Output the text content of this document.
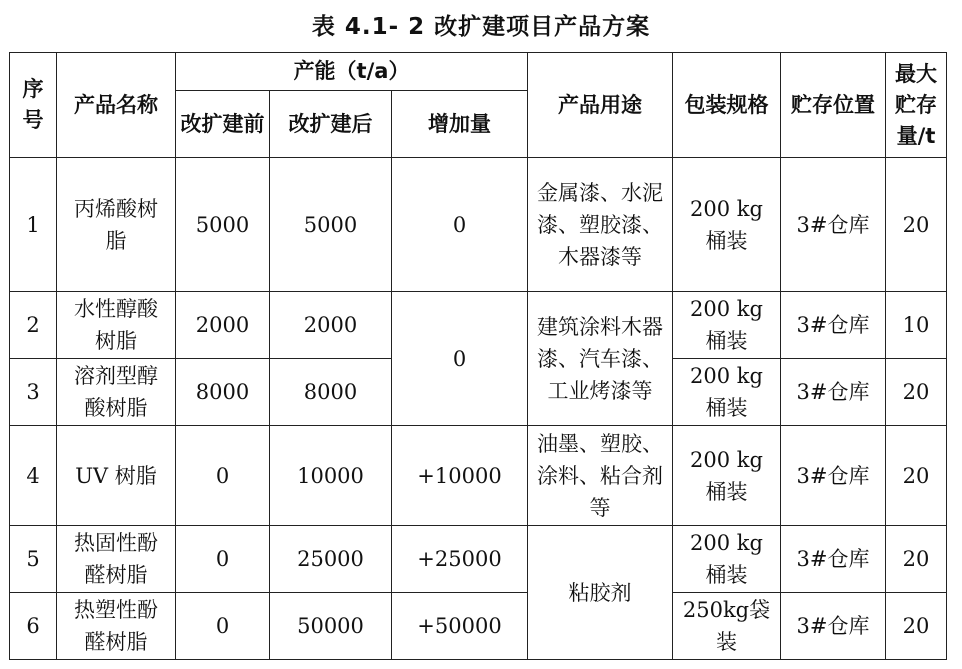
表 4.1- 2 改扩建项目产品方案
序号	产品名称	产能（t/a）			产品用途	包装规格	贮存位置	最大贮存量/t
		改扩建前	改扩建后	增加量				
1	丙烯酸树脂	5000	5000	0	金属漆、水泥漆、塑胶漆、木器漆等	200 kg桶装	3#仓库	20
2	水性醇酸树脂	2000	2000	0	建筑涂料木器漆、汽车漆、工业烤漆等	200 kg桶装	3#仓库	10
3	溶剂型醇酸树脂	8000	8000			200 kg桶装	3#仓库	20
4	UV 树脂	0	10000	+10000	油墨、塑胶、涂料、粘合剂等	200 kg桶装	3#仓库	20
5	热固性酚醛树脂	0	25000	+25000	粘胶剂	200 kg桶装	3#仓库	20
6	热塑性酚醛树脂	0	50000	+50000		250kg袋装	3#仓库	20
